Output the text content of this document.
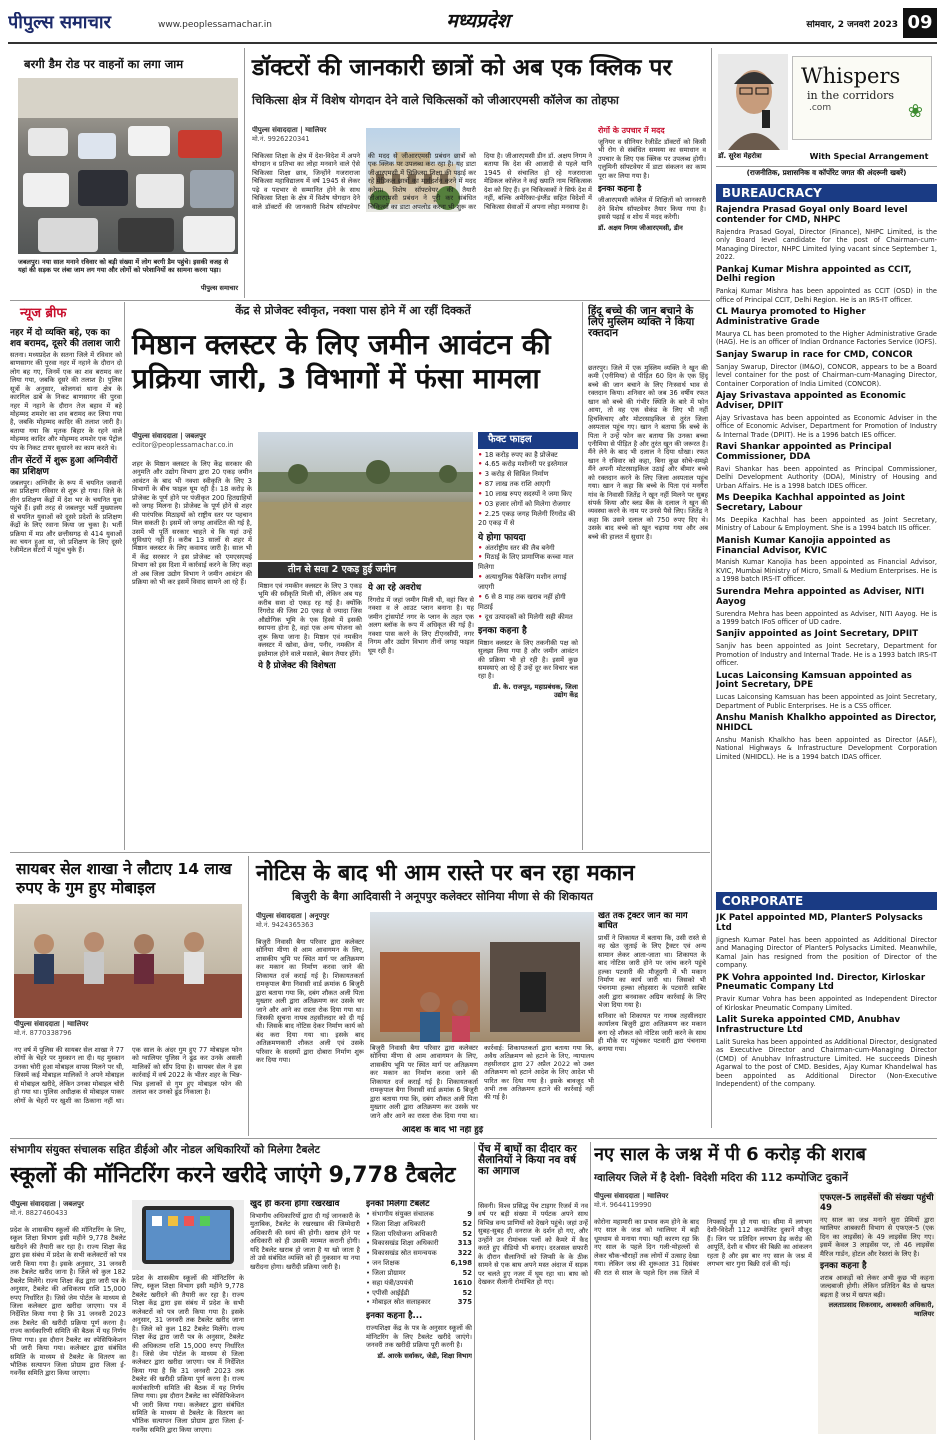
पीपुल्स समाचार	www.peoplessamachar.in	मध्यप्रदेश	सोमवार, 2 जनवरी 2023 09
बरगी डैम रोड पर वाहनों का लगा जाम
जबलपुर। नया साल मनाने रविवार को बड़ी संख्या में लोग बरगी डैम पहुंचे। इसकी वजह से यहां की सड़क पर लंबा जाम लग गया और लोगों को परेशानियों का सामना करना पड़ा।
पीपुल्स समाचार
डॉक्टरों की जानकारी छात्रों को अब एक क्लिक पर
चिकित्सा क्षेत्र में विशेष योगदान देने वाले चिकित्सकों को जीआरएमसी कॉलेज का तोहफा
पीपुल्स संवाददाता | ग्वालियर
मो.नं. 9926220341
चिकित्सा शिक्षा के क्षेत्र में देश-विदेश में अपने योगदान व प्रतिभा का लोहा मनवाने वाले ऐसे चिकित्सा शिक्षा छात्र, जिन्होंने गजराराजा चिकित्सा महाविद्यालय में वर्ष 1945 से लेकर पढ़े व पदभार से सम्मानित होने के साथ चिकित्सा शिक्षा के क्षेत्र में विशेष योगदान देने वाले डॉक्टरों की जानकारी विशेष सॉफ्टवेयर की मदद से जीआरएमसी प्रबंधन छात्रों को एक क्लिक पर उपलब्ध करा रहा है। यह डाटा जीआरएमसी में चिकित्सा शिक्षा की पढ़ाई कर रहे मेडिकल छात्रों का मार्गदर्शन करने में मदद करेगा। विशेष सॉफ्टवेयर की तैयारी जीआरएमसी प्रबंधन ने पूरी कर संबंधित चिकित्सों का डाटा अपलोड करना भी शुरू कर दिया है। जीआरएमसी डीन डॉ. अक्षय निगम ने बताया कि देश की आजादी से पहले यानि 1945 से संचालित हो रहे गजराराजा मेडिकल कॉलेज ने कई ख्याति नाम चिकित्सक देश को दिए हैं। इन चिकित्सकों ने सिर्फ देश में नहीं, बल्कि अमेरिका-इंग्लैंड सहित विदेशों में चिकित्सा सेवाओं में अपना लोहा मनवाया है।
रोगों के उपचार में मदद
जूनियर व सीनियर रेजीडेंट डॉक्टरों को किसी भी रोग से संबंधित समस्या का समाधान व उपचार के लिए एक क्लिक पर उपलब्ध होगी। एलुमिनी सॉफ्टवेयर में डाटा संकलन का काम पूरा कर लिया गया है।
इनका कहना है
जीआरएमसी कॉलेज में शिक्षितों को जानकारी देने विशेष सॉफ्टवेयर तैयार किया गया है। इससे पढ़ाई व शोध में मदद करेगी।
डॉ. अक्षय निगम जीआरएमसी, डीन
Whispers
in the corridors
.com	❀
डॉ. सुरेश मेहरोत्रा	With Special Arrangement
(राजनीतिक, प्रशासनिक व कॉर्पोरेट जगत की अंदरूनी खबरें)
BUREAUCRACY
Rajendra Prasad Goyal only Board level contender for CMD, NHPC
Rajendra Prasad Goyal, Director (Finance), NHPC Limited, is the only Board level candidate for the post of Chairman-cum-Managing Director, NHPC Limited lying vacant since September 1, 2022.
Pankaj Kumar Mishra appointed as CCIT, Delhi region
Pankaj Kumar Mishra has been appointed as CCIT (OSD) in the office of Principal CCIT, Delhi Region. He is an IRS-IT officer.
CL Maurya promoted to Higher Administrative Grade
Maurya CL has been promoted to the Higher Administrative Grade (HAG). He is an officer of Indian Ordnance Factories Service (IOFS).
Sanjay Swarup in race for CMD, CONCOR
Sanjay Swarup, Director (IM&O), CONCOR, appears to be a Board level container for the post of Chairman-cum-Managing Director, Container Corporation of India Limited (CONCOR).
Ajay Srivastava appointed as Economic Adviser, DPIIT
Ajay Srivastava has been appointed as Economic Adviser in the office of Economic Adviser, Department for Promotion of Industry & Internal Trade (DPIIT). He is a 1996 batch IES officer.
Ravi Shankar appointed as Principal Commissioner, DDA
Ravi Shankar has been appointed as Principal Commissioner, Delhi Development Authority (DDA), Ministry of Housing and Urban Affairs. He is a 1998 batch IDES officer.
Ms Deepika Kachhal appointed as Joint Secretary, Labour
Ms Deepika Kachhal has been appointed as Joint Secretary, Ministry of Labour & Employment. She is a 1994 batch IIS officer.
Manish Kumar Kanojia appointed as Financial Advisor, KVIC
Manish Kumar Kanojia has been appointed as Financial Advisor, KVIC, Mumbai Ministry of Micro, Small & Medium Enterprises. He is a 1998 batch IRS-IT officer.
Surendra Mehra appointed as Adviser, NITI Aayog
Surendra Mehra has been appointed as Adviser, NITI Aayog. He is a 1999 batch IFoS officer of UD cadre.
Sanjiv appointed as Joint Secretary, DPIIT
Sanjiv has been appointed as Joint Secretary, Department for Promotion of Industry and Internal Trade. He is a 1993 batch IRS-IT officer.
Lucas Laiconsing Kamsuan appointed as Joint Secretary, DPE
Lucas Laiconsing Kamsuan has been appointed as Joint Secretary, Department of Public Enterprises. He is a CSS officer.
Anshu Manish Khalkho appointed as Director, NHIDCL
Anshu Manish Khalkho has been appointed as Director (A&F), National Highways & Infrastructure Development Corporation Limited (NHIDCL). He is a 1994 batch IDAS officer.
CORPORATE
JK Patel appointed MD, PlanterS Polysacks Ltd
Jignesh Kumar Patel has been appointed as Additional Director and Managing Director of PlanterS Polysacks Limited. Meanwhile, Kamal Jain has resigned from the position of Director of the company.
PK Vohra appointed Ind. Director, Kirloskar Pneumatic Company Ltd
Pravir Kumar Vohra has been appointed as Independent Director of Kirloskar Pneumatic Company Limited.
Lalit Sureka appointed CMD, Anubhav Infrastructure Ltd
Lalit Sureka has been appointed as Additional Director, designated as Executive Director and Chairman-cum-Managing Director (CMD) of Anubhav Infrastructure Limited. He succeeds Dinesh Agarwal to the post of CMD. Besides, Ajay Kumar Khandelwal has been appointed as Additional Director (Non-Executive Independent) of the company.
न्यूज ब्रीफ
नहर में दो व्यक्ति बहे, एक का शव बरामद, दूसरे की तलाश जारी
सतना। मध्यप्रदेश के सतना जिले में रविवार को बाणसागर की पुरवा नहर में नहाने के दौरान दो लोग बह गए, जिनमें एक का शव बरामद कर लिया गया, जबकि दूसरे की तलाश है। पुलिस सूत्रों के अनुसार, कोलगवां थाना क्षेत्र के कारगिल ढाबे के निकट बाणसागर की पुरवा नहर में नहाने के दौरान तेज बहाव में बहे मोहम्मद शमशेर का शव बरामद कर लिया गया है, जबकि मोहम्मद कादिर की तलाश जारी है। बताया गया कि मृतक बिहार के रहने वाले मोहम्मद कादिर और मोहम्मद शमशेर एक पेट्रोल पंप के निकट टायर सुधारने का काम करते थे।
तीन सेंटरों में शुरू हुआ अग्निवीरों का प्रशिक्षण
जबलपुर। अग्निवीर के रूप में चयनित जवानों का प्रशिक्षण रविवार से शुरू हो गया। जिले के तीन प्रशिक्षण केंद्रों में देश भर के चयनित युवा पहुंचे हैं। इसी तरह से जबलपुर भर्ती मुख्यालय से चयनित युवाओं को दूसरे प्रदेशों के प्रशिक्षण केंद्रों के लिए रवाना किया जा चुका है। भर्ती प्रक्रिया में मप्र और छत्तीसगढ़ से 414 युवाओं का चयन हुआ था, जो प्रशिक्षण के लिए दूसरे रेजीमेंटल सेंटरों में पहुंच चुके हैं।
केंद्र से प्रोजेक्ट स्वीकृत, नक्शा पास होने में आ रहीं दिक्कतें
मिष्ठान क्लस्टर के लिए जमीन आवंटन की प्रक्रिया जारी, 3 विभागों में फंसा मामला
पीपुल्स संवाददाता | जबलपुर
editor@peoplessamachar.co.in
शहर के मिष्ठान क्लस्टर के लिए केंद्र सरकार की अनुमति और उद्योग विभाग द्वारा 20 एकड़ जमीन आवंटन के बाद भी नक्शा स्वीकृति के लिए 3 विभागों के बीच फाइल घूम रही है। 18 करोड़ के प्रोजेक्ट के पूर्ण होने पर पंजीकृत 200 हितग्राहियों को जगह मिलना है। प्रोजेक्ट के पूर्ण होने से शहर की पारंपरिक मिठाइयों को राष्ट्रीय स्तर पर पहचान मिल सकती है। इसमें जो जगह आवंटित की गई है, उसमें भी पूर्ति सरकार चाहते थे कि यहां उन्हें सुविधाएं नहीं हैं। करीब 13 सालों से शहर में मिष्ठान क्लस्टर के लिए कवायद जारी है। साल भी में केंद्र सरकार ने इस प्रोजेक्ट को एमएसएमई विभाग को इस दिशा में कार्रवाई करने के लिए कहा तो अब जिला उद्योग विभाग ने जमीन आवंटन की प्रक्रिया को भी कर इसमें विवाद सामने आ रहे हैं।
तीन से सवा 2 एकड़ हुई जमीन
मिष्ठान एवं नमकीन क्लस्टर के लिए 3 एकड़ भूमि की स्वीकृति मिली थी, लेकिन अब यह करीब सवा दो एकड़ रह गई है। क्योंकि रिंगरोड की जिस 20 एकड़ से ज्यादा जिस औद्योगिक भूमि के एक हिस्से में इसकी स्थापना होना है, वहां एक अन्य योजना को शुरू किया जाना है। मिष्ठान एवं नमकीन क्लस्टर में खोवा, छेना, पनीर, नमकीन में इस्तेमाल होने वाले मसाले, बेसन तैयार होंगे।
ये है प्रोजेक्ट की विशेषता
ये आ रहे अवरोध
रिंगरोड में जहां जमीन मिली थी, वहां फिर से नक्शा व ले आउट प्लान बनाना है। यह जमीन ट्रांसपोर्ट नगर के प्लान के तहत एक अलग ब्लॉक के रूप में अधिकृत की गई है। नक्शा पास करने के लिए टीएनसीपी, नगर निगम और उद्योग विभाग तीनों जगह फाइल घूम रही है।
फैक्ट फाइल
• 18 करोड़ रुपए का है प्रोजेक्ट
• 4.65 करोड़ मशीनरी पर इस्तेमाल
• 3 करोड़ से सिविल निर्माण
• 87 लाख तक राशि आएगी
• 10 लाख रुपए सदस्यों ने जमा किए
• 03 हजार लोगों को मिलेगा रोजगार
• 2.25 एकड़ जगह मिलेगी रिंगरोड की 20 एकड़ में से
ये होगा फायदा
• अंतर्राष्ट्रीय स्तर की लैब बनेगी
• मिठाई के लिए प्रामाणिक कच्चा माल मिलेगा
• अत्याधुनिक पैकेजिंग मशीन लगाई जाएगी
• 6 से 8 माह तक खराब नहीं होगी मिठाई
• दूध उत्पादकों को मिलेगी सही कीमत
इनका कहना है
मिष्ठान क्लस्टर के लिए तकनीकी पक्ष को सुलझा लिया गया है और जमीन आवंटन की प्रक्रिया भी हो रही है। इसमें कुछ समस्याएं आ रहे हैं उन्हें दूर कर विचार चल रहा है।
डी. के. राजपूत, महाप्रबंधक, जिला उद्योग केंद्र
हिंदू बच्चे की जान बचाने के लिए मुस्लिम व्यक्ति ने किया रक्तदान
छतरपुर। जिले में एक मुस्लिम व्यक्ति ने खून की कमी (एनीमिया) से पीड़ित 60 दिन के एक हिंदू बच्चे की जान बचाने के लिए निःस्वार्थ भाव से रक्तदान किया। शनिवार को जब 36 वर्षीय रफत खान को बच्चे की गंभीर स्थिति के बारे में फोन आया, तो वह एक सेकंड के लिए भी नहीं हिचकिचाए और मोटरसाइकिल से तुरंत जिला अस्पताल पहुंच गए। खान ने बताया कि बच्चे के पिता ने उन्हें फोन कर बताया कि उनका बच्चा एनीमिया से पीड़ित है और तुरंत खून की जरूरत है। मैंने लेने के बाद भी दलाल ने दिया धोखा। रफत खान ने रविवार को कहा, बिना कुछ सोचे-समझे मैंने अपनी मोटरसाइकिल उठाई और बीमार बच्चे को रक्तदान करने के लिए जिला अस्पताल पहुंच गया। खान ने कहा कि बच्चे के पिता एवं मनगैरा गांव के निवासी जितेंद्र ने खून नहीं मिलने पर सुबह संपर्क किया और ब्लड बैंक के दलाल ने खून की व्यवस्था करने के नाम पर उनसे पैसे लिए। जितेंद्र ने कहा कि उसने दलाल को 750 रुपए दिए थे। उसके बाद बच्चे को खून चढ़ाया गया और अब बच्चे की हालत में सुधार है।
सायबर सेल शाखा ने लौटाए 14 लाख रुपए के गुम हुए मोबाइल
पीपुल्स संवाददाता | ग्वालियर
मो.नं. 8770338796
नए वर्ष में पुलिस की सायबर सेल शाखा ने 77 लोगों के चेहरे पर मुस्कान ला दी। यह मुस्कान उनका चोरी हुआ मोबाइल वापस मिलने पर थी, जिसमें कई मोबाइल मालिकों ने अपने मोबाइल से मोबाइल खरीदे, लेकिन उनका मोबाइल चोरी हो गया था। पुलिस अधीक्षक से मोबाइल पाकर लोगों के चेहरों पर खुशी का ठिकाना नहीं था। एक साल के अंदर गुम हुए 77 मोबाइल फोन को ग्वालियर पुलिस ने ढूंढ कर उनके असली मालिकों को सौंप दिया है। सायबर सेल ने इस कार्रवाई में वर्ष 2022 के भीतर शहर के भिन्न-भिन्न इलाकों से गुम हुए मोबाइल फोन की तलाश कर उनको ढूंढ निकाला है।
नोटिस के बाद भी आम रास्ते पर बन रहा मकान
बिजुरी के बैगा आदिवासी ने अनूपपुर कलेक्टर सोनिया मीणा से की शिकायत
पीपुल्स संवाददाता | अनूपपुर
मो.नं. 9424365363
बिजुरी निवासी बैगा परिवार द्वारा कलेक्टर सोनिया मीणा से आम आवागमन के लिए, शासकीय भूमि पर स्थित मार्ग पर अतिक्रमण कर मकान का निर्माण करवा जाने की शिकायत दर्ज कराई गई है। शिकायतकर्ता रामकृपाल बैगा निवासी वार्ड क्रमांक 6 बिजुरी द्वारा बताया गया कि, दबंग शौकत अली पिता मुख्तार अली द्वारा अतिक्रमण कर उसके घर जाने और आने का रास्ता रोक दिया गया था। जिसकी सूचना नायब तहसीलदार को दी गई थी। जिसके बाद नोटिस देकर निर्माण कार्य को बंद करा दिया गया था। इसके बाद अतिक्रमणकारी शौकत अली एवं उसके परिवार के सदस्यों द्वारा दोबारा निर्माण शुरू कर दिया गया।
कार्रवाई: शिकायतकर्ता द्वारा बताया गया कि, अवैध अतिक्रमण को हटाने के लिए, न्यायालय तहसीलदार द्वारा 27 अप्रैल 2022 को उक्त अतिक्रमण को हटाने आदेश के लिए आदेश भी पारित कर दिया गया है। इसके बावजूद भी अभी तक अतिक्रमण हटाने की कार्रवाई नहीं की गई है।
बिजुरी निवासी बैगा परिवार द्वारा कलेक्टर सोनिया मीणा से आम आवागमन के लिए, शासकीय भूमि पर स्थित मार्ग पर अतिक्रमण कर मकान का निर्माण करवा जाने की शिकायत दर्ज कराई गई है। शिकायतकर्ता रामकृपाल बैगा निवासी वार्ड क्रमांक 6 बिजुरी द्वारा बताया गया कि, दबंग शौकत अली पिता मुख्तार अली द्वारा अतिक्रमण कर उसके घर जाने और आने का रास्ता रोक दिया गया था।
आदेश के बाद भी नहीं हुई
खेत तक ट्रैक्टर जाने का मार्ग बाधित
प्रार्थी ने शिकायत में बताया कि, उसी रास्ते से वह खेत जुताई के लिए ट्रैक्टर एवं अन्य सामान लेकर आता-जाता था। शिकायत के बाद नोटिस जारी होने पर जांच करने पहुंचे हल्का पटवारी की मौजूदगी में भी मकान निर्माण का कार्य जारी था। जिसको भी पंचनामा हल्का लोहसारा के पटवारी साबिर अली द्वारा बनवाकर अग्रिम कार्रवाई के लिए भेजा दिया गया है।
सनिवार को शिकायत पर नायब तहसीलदार कार्यालय बिजुरी द्वारा अतिक्रमण कर मकान बना रहे शौकत को नोटिस जारी करने के साथ ही मौके पर पहुंचकर पटवारी द्वारा पंचनामा बनाया गया।
संभागीय संयुक्त संचालक सहित डीईओ और नोडल अधिकारियों को मिलेगा टैबलेट
स्कूलों की मॉनिटरिंग करने खरीदे जाएंगे 9,778 टैबलेट
पीपुल्स संवाददाता | जबलपुर
मो.नं. 8827460433
प्रदेश के शासकीय स्कूलों की मॉनिटरिंग के लिए, स्कूल शिक्षा विभाग इसी महीने 9,778 टैबलेट खरीदने की तैयारी कर रहा है। राज्य शिक्षा केंद्र द्वारा इस संबंध में प्रदेश के सभी कलेक्टरों को पत्र जारी किया गया है। इसके अनुसार, 31 जनवरी तक टैबलेट खरीद जाना है। जिले को कुल 182 टैबलेट मिलेंगे। राज्य शिक्षा केंद्र द्वारा जारी पत्र के अनुसार, टैबलेट की अधिकतम राशि 15,000 रुपए निर्धारित है। जिसे जेम पोर्टल के माध्यम से जिला कलेक्टर द्वारा खरीदा जाएगा। पत्र में निर्देशित किया गया है कि 31 जनवरी 2023 तक टैबलेट की खरीदी प्रक्रिया पूर्ण करना है। राज्य कार्यकारिणी समिति की बैठक में यह निर्णय लिया गया। इस दौरान टैबलेट का स्पेसिफिकेशन भी जारी किया गया। कलेक्टर द्वारा संबंधित समिति के माध्यम से टैबलेट के वितरण का भौतिक सत्यापन जिला प्रोग्राम द्वारा जिला ई-गवर्नेंस समिति द्वारा किया जाएगा।
प्रदेश के शासकीय स्कूलों की मॉनिटरिंग के लिए, स्कूल शिक्षा विभाग इसी महीने 9,778 टैबलेट खरीदने की तैयारी कर रहा है। राज्य शिक्षा केंद्र द्वारा इस संबंध में प्रदेश के सभी कलेक्टरों को पत्र जारी किया गया है। इसके अनुसार, 31 जनवरी तक टैबलेट खरीद जाना है। जिले को कुल 182 टैबलेट मिलेंगे। राज्य शिक्षा केंद्र द्वारा जारी पत्र के अनुसार, टैबलेट की अधिकतम राशि 15,000 रुपए निर्धारित है। जिसे जेम पोर्टल के माध्यम से जिला कलेक्टर द्वारा खरीदा जाएगा। पत्र में निर्देशित किया गया है कि 31 जनवरी 2023 तक टैबलेट की खरीदी प्रक्रिया पूर्ण करना है। राज्य कार्यकारिणी समिति की बैठक में यह निर्णय लिया गया। इस दौरान टैबलेट का स्पेसिफिकेशन भी जारी किया गया। कलेक्टर द्वारा संबंधित समिति के माध्यम से टैबलेट के वितरण का भौतिक सत्यापन जिला प्रोग्राम द्वारा जिला ई-गवर्नेंस समिति द्वारा किया जाएगा।
खुद ही करना होगा रखरखाव
विभागीय अधिकारियों द्वारा दी गई जानकारी के मुताबिक, टैबलेट के रखरखाव की जिम्मेदारी अधिकारी की स्वयं की होगी। खराब होने पर अधिकारी को ही उसकी मरम्मत करानी होगी। यदि टैबलेट खराब हो जाता है या खो जाता है तो उसे संबंधित व्यक्ति को ही नुकसान या नया खरीदना होगा। खरीदी प्रक्रिया जारी है।
इनको मिलेगा टैबलेट
• संभागीय संयुक्त संचालक	9
• जिला शिक्षा अधिकारी	52
• जिला परियोजना अधिकारी	52
• विकासखंड शिक्षा अधिकारी	313
• विकासखंड स्रोत समन्वयक	322
• जन शिक्षक	6,198
• जिला प्रोग्रामर	52
• सहा यंत्री/उपयंत्री	1610
• एपीसी आईईडी	52
• मोबाइल स्रोत सलाहकार	375
इनका कहना है...
राज्यशिक्षा केंद्र के पत्र के अनुसार स्कूलों की मॉनिटरिंग के लिए टैबलेट खरीदे जाएंगे। जनवरी तक खरीदी प्रक्रिया पूरी करनी है।
डॉ. आरके सर्वाकर, जेडी, शिक्षा विभाग
पेंच में बाघों का दीदार कर सैलानियों ने किया नव वर्ष का आगाज
सिवनी। विश्व प्रसिद्ध पेंच टाइगर रिजर्व में नव वर्ष पर बड़ी संख्या में पर्यटक अपने साथ विभिन्न वन्य प्राणियों को देखने पहुंचे। जहां उन्हें सुबह-सुबह ही वनराज के दर्शन हो गए, और उन्होंने उन रोमांचक पलों को कैमरे में कैद करते हुए वीडियो भी बनाए। दरअसल सफारी के दौरान सैलानियों को जिप्सी के के ठीक सामने से एक बाघ अपने मस्त अंदाज में सड़क पर चलते हुए नजर में घूम रहा था। बाघ को देखकर सैलानी रोमांचित हो गए।
नए साल के जश्न में पी 6 करोड़ की शराब
ग्वालियर जिले में है देशी- विदेशी मदिरा की 112 कम्पोजिट दुकानें
पीपुल्स संवाददाता | ग्वालियर
मो.नं. 9644119990
कोरोना महामारी का प्रभाव कम होने के बाद नए साल के जश्न को ग्वालियर में बड़ी धूमधाम से मनाया गया। यही कारण रहा कि नए साल के पहले दिन गली-मोहल्लों से लेकर चौक-चौराहों तक लोगों में उत्साह देखा गया। लेकिन जश्न की शुरूआत 31 दिसंबर की रात से साल के पहले दिन तक जिले में निपकाईं गुम हो गया था। सीमा में लगभग देशी-विदेशी 112 कम्पोजिट दुकानें मौजूद हैं। जिन पर प्रतिदिन लगभग डेढ़ करोड़ की आपूर्ति, देशी व चीयर की बिक्री का आंकलन रहता है और इस बार नए साल के जश्न में लगभग चार गुना बिक्री दर्ज की गई।
एफएल-5 लाइसेंसों की संख्या पहुंची 49
नए साल का जश्न मनाने सुरा प्रेमियों द्वारा ग्वालियर आबकारी विभाग से एफएल-5 (एक दिन का लाइसेंस) के 49 लाइसेंस लिए गए। इसमें केवल 3 लाइसेंस पर, तो 46 लाइसेंस मैरिज गार्डन, होटल और रेस्तरां के लिए है।
इनका कहना है
शराब आकड़ों को लेकर अभी कुछ भी कहना जल्दबाजी होगी। लेकिन प्रतिदिन बैठ से खपत बढ़ता है जश्न में खपत बढ़ी।
ललताप्रसाद सिकरवार, आबकारी अधिकारी, ग्वालियर
